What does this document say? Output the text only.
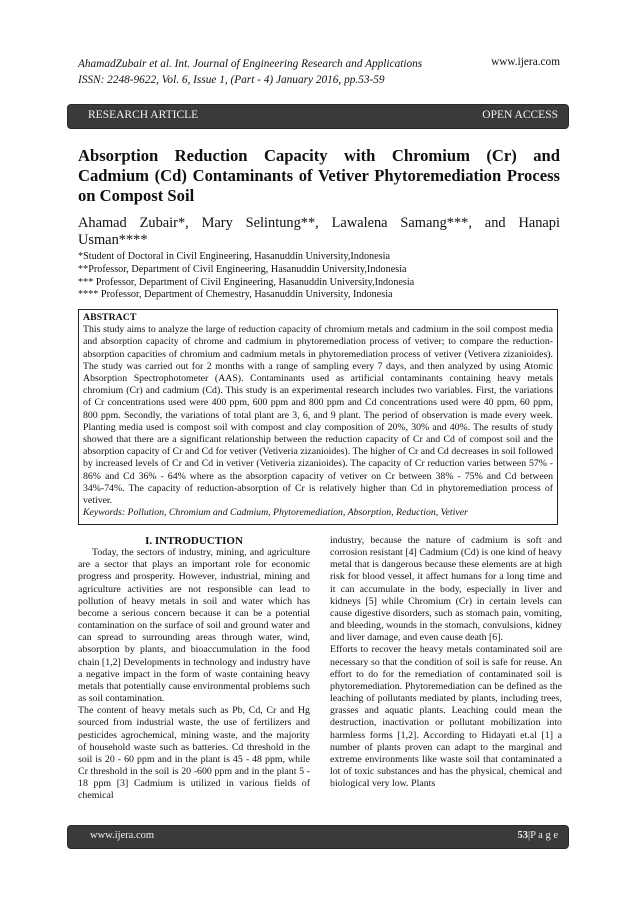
AhamadZubair et al. Int. Journal of Engineering Research and Applications
ISSN: 2248-9622, Vol. 6, Issue 1, (Part - 4) January 2016, pp.53-59
www.ijera.com
RESEARCH ARTICLE	OPEN ACCESS
Absorption Reduction Capacity with Chromium (Cr) and Cadmium (Cd) Contaminants of Vetiver Phytoremediation Process on Compost Soil
Ahamad Zubair*, Mary Selintung**, Lawalena Samang***, and Hanapi Usman****
*Student of Doctoral in Civil Engineering, Hasanuddin University,Indonesia
**Professor, Department of Civil Engineering, Hasanuddin University,Indonesia
*** Professor, Department of Civil Engineering, Hasanuddin University,Indonesia
**** Professor, Department of Chemestry, Hasanuddin University, Indonesia
ABSTRACT
This study aims to analyze the large of reduction capacity of chromium metals and cadmium in the soil compost media and absorption capacity of chrome and cadmium in phytoremediation process of vetiver; to compare the reduction-absorption capacities of chromium and cadmium metals in phytoremediation process of vetiver (Vetivera zizanioides). The study was carried out for 2 months with a range of sampling every 7 days, and then analyzed by using Atomic Absorption Spectrophotometer (AAS). Contaminants used as artificial contaminants containing heavy metals chromium (Cr) and cadmium (Cd). This study is an experimental research includes two variables. First, the variations of Cr concentrations used were 400 ppm, 600 ppm and 800 ppm and Cd concentrations used were 40 ppm, 60 ppm, 800 ppm. Secondly, the variations of total plant are 3, 6, and 9 plant. The period of observation is made every week. Planting media used is compost soil with compost and clay composition of 20%, 30% and 40%. The results of study showed that there are a significant relationship between the reduction capacity of Cr and Cd of compost soil and the absorption capacity of Cr and Cd for vetiver (Vetiveria zizanioides). The higher of Cr and Cd decreases in soil followed by increased levels of Cr and Cd in vetiver (Vetiveria zizanioides). The capacity of Cr reduction varies between 57% - 86% and Cd 36% - 64% where as the absorption capacity of vetiver on Cr between 38% - 75% and Cd between 34%-74%. The capacity of reduction-absorption of Cr is relatively higher than Cd in phytoremediation process of vetiver.
Keywords: Pollution, Chromium and Cadmium, Phytoremediation, Absorption, Reduction, Vetiver
I. INTRODUCTION

Today, the sectors of industry, mining, and agriculture are a sector that plays an important role for economic progress and prosperity. However, industrial, mining and agriculture activities are not responsible can lead to pollution of heavy metals in soil and water which has become a serious concern because it can be a potential contamination on the surface of soil and ground water and can spread to surrounding areas through water, wind, absorption by plants, and bioaccumulation in the food chain [1,2] Developments in technology and industry have a negative impact in the form of waste containing heavy metals that potentially cause environmental problems such as soil contamination.

The content of heavy metals such as Pb, Cd, Cr and Hg sourced from industrial waste, the use of fertilizers and pesticides agrochemical, mining waste, and the majority of household waste such as batteries. Cd threshold in the soil is 20 - 60 ppm and in the plant is 45 - 48 ppm, while Cr threshold in the soil is 20 -600 ppm and in the plant 5 - 18 ppm [3] Cadmium is utilized in various fields of chemical

industry, because the nature of cadmium is soft and corrosion resistant [4] Cadmium (Cd) is one kind of heavy metal that is dangerous because these elements are at high risk for blood vessel, it affect humans for a long time and it can accumulate in the body, especially in liver and kidneys [5] while Chromium (Cr) in certain levels can cause digestive disorders, such as stomach pain, vomiting, and bleeding, wounds in the stomach, convulsions, kidney and liver damage, and even cause death [6].

Efforts to recover the heavy metals contaminated soil are necessary so that the condition of soil is safe for reuse. An effort to do for the remediation of contaminated soil is phytoremediation. Phytoremediation can be defined as the leaching of pollutants mediated by plants, including trees, grasses and aquatic plants. Leaching could mean the destruction, inactivation or pollutant mobilization into harmless forms [1,2]. According to Hidayati et.al [1] a number of plants proven can adapt to the marginal and extreme environments like waste soil that contaminated a lot of toxic substances and has the physical, chemical and biological very low. Plants

www.ijera.com	53|P a g e
